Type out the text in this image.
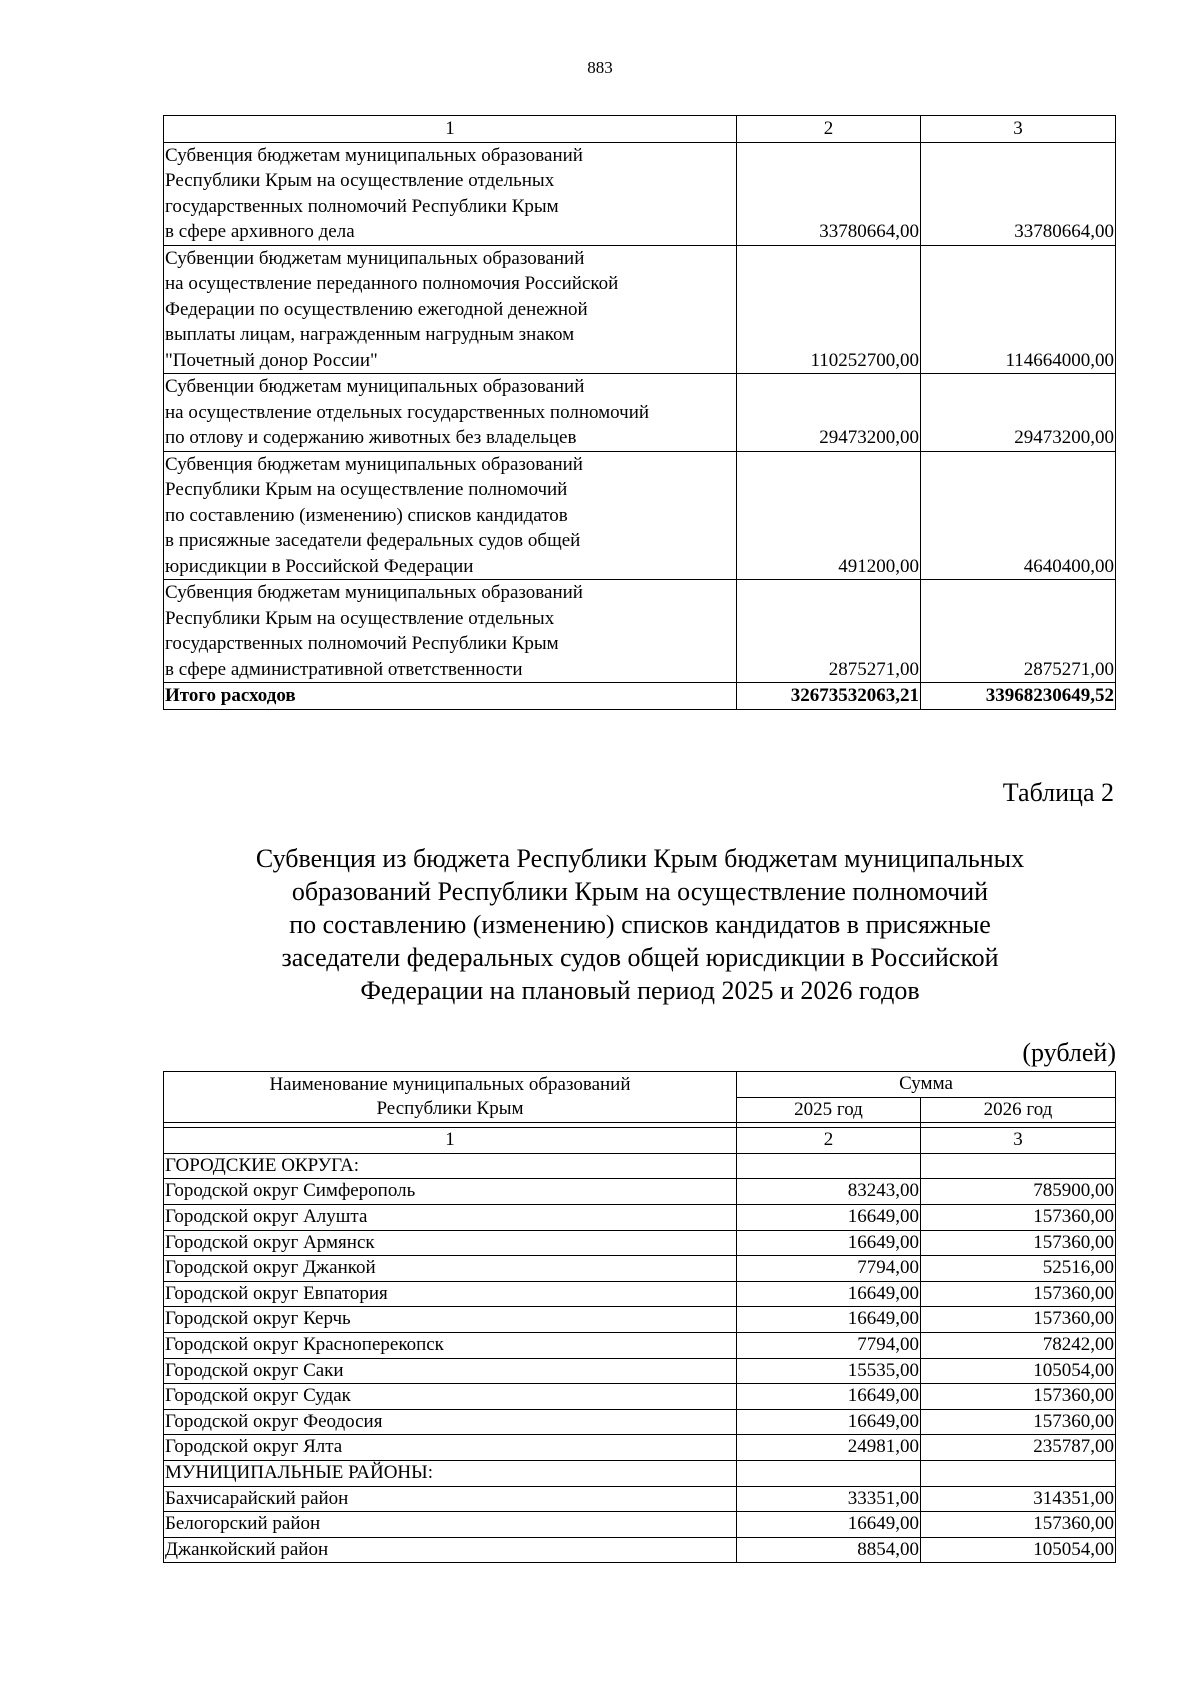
883
1	2	3

Субвенция бюджетам муниципальных образований
Республики Крым на осуществление отдельных
государственных полномочий Республики Крым
в сфере архивного дела	33780664,00	33780664,00

Субвенции бюджетам муниципальных образований
на осуществление переданного полномочия Российской
Федерации по осуществлению ежегодной денежной
выплаты лицам, награжденным нагрудным знаком
"Почетный донор России"	110252700,00	114664000,00

Субвенции бюджетам муниципальных образований
на осуществление отдельных государственных полномочий
по отлову и содержанию животных без владельцев	29473200,00	29473200,00

Субвенция бюджетам муниципальных образований
Республики Крым на осуществление полномочий
по составлению (изменению) списков кандидатов
в присяжные заседатели федеральных судов общей
юрисдикции в Российской Федерации	491200,00	4640400,00

Субвенция бюджетам муниципальных образований
Республики Крым на осуществление отдельных
государственных полномочий Республики Крым
в сфере административной ответственности	2875271,00	2875271,00
Итого расходов	32673532063,21	33968230649,52
Таблица 2
Субвенция из бюджета Республики Крым бюджетам муниципальных
образований Республики Крым на осуществление полномочий
по составлению (изменению) списков кандидатов в присяжные
заседатели федеральных судов общей юрисдикции в Российской
Федерации на плановый период 2025 и 2026 годов
(рублей)
Наименование муниципальных образований
Республики Крым	Сумма	
	2025 год	2026 год

1	2	3
ГОРОДСКИЕ ОКРУГА:		
Городской округ Симферополь	83243,00	785900,00
Городской округ Алушта	16649,00	157360,00
Городской округ Армянск	16649,00	157360,00
Городской округ Джанкой	7794,00	52516,00
Городской округ Евпатория	16649,00	157360,00
Городской округ Керчь	16649,00	157360,00
Городской округ Красноперекопск	7794,00	78242,00
Городской округ Саки	15535,00	105054,00
Городской округ Судак	16649,00	157360,00
Городской округ Феодосия	16649,00	157360,00
Городской округ Ялта	24981,00	235787,00
МУНИЦИПАЛЬНЫЕ РАЙОНЫ:		
Бахчисарайский район	33351,00	314351,00
Белогорский район	16649,00	157360,00
Джанкойский район	8854,00	105054,00
